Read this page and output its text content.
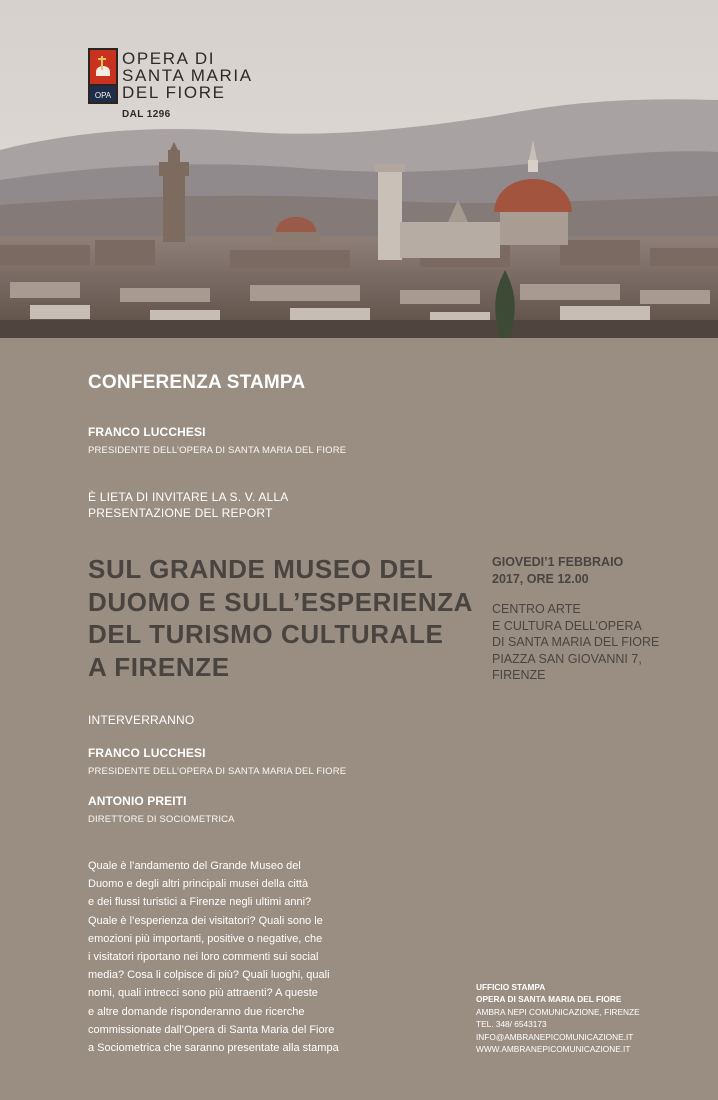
OPA
OPERA DI
SANTA MARIA
DEL FIORE
DAL 1296
CONFERENZA STAMPA
FRANCO LUCCHESI
PRESIDENTE DELL’OPERA DI SANTA MARIA DEL FIORE
È LIETA DI INVITARE LA S. V. ALLA
PRESENTAZIONE DEL REPORT
SUL GRANDE MUSEO DEL
DUOMO E SULL’ESPERIENZA
DEL TURISMO CULTURALE
A FIRENZE
GIOVEDI’1 FEBBRAIO
2017, ORE 12.00
CENTRO ARTE
E CULTURA DELL’OPERA
DI SANTA MARIA DEL FIORE
PIAZZA SAN GIOVANNI 7,
FIRENZE
INTERVERRANNO
FRANCO LUCCHESI
PRESIDENTE DELL’OPERA DI SANTA MARIA DEL FIORE
ANTONIO PREITI
DIRETTORE DI SOCIOMETRICA
Quale è l’andamento del Grande Museo del
Duomo e degli altri principali musei della città
e dei flussi turistici a Firenze negli ultimi anni?
Quale è l’esperienza dei visitatori? Quali sono le
emozioni più importanti, positive o negative, che
i visitatori riportano nei loro commenti sui social
media? Cosa li colpisce di più? Quali luoghi, quali
nomi, quali intrecci sono più attraenti? A queste
e altre domande risponderanno due ricerche
commissionate dall’Opera di Santa Maria del Fiore
a Sociometrica che saranno presentate alla stampa
UFFICIO STAMPA
OPERA DI SANTA MARIA DEL FIORE
AMBRA NEPI COMUNICAZIONE, FIRENZE
TEL. 348/ 6543173
INFO@AMBRANEPICOMUNICAZIONE.IT
WWW.AMBRANEPICOMUNICAZIONE.IT
